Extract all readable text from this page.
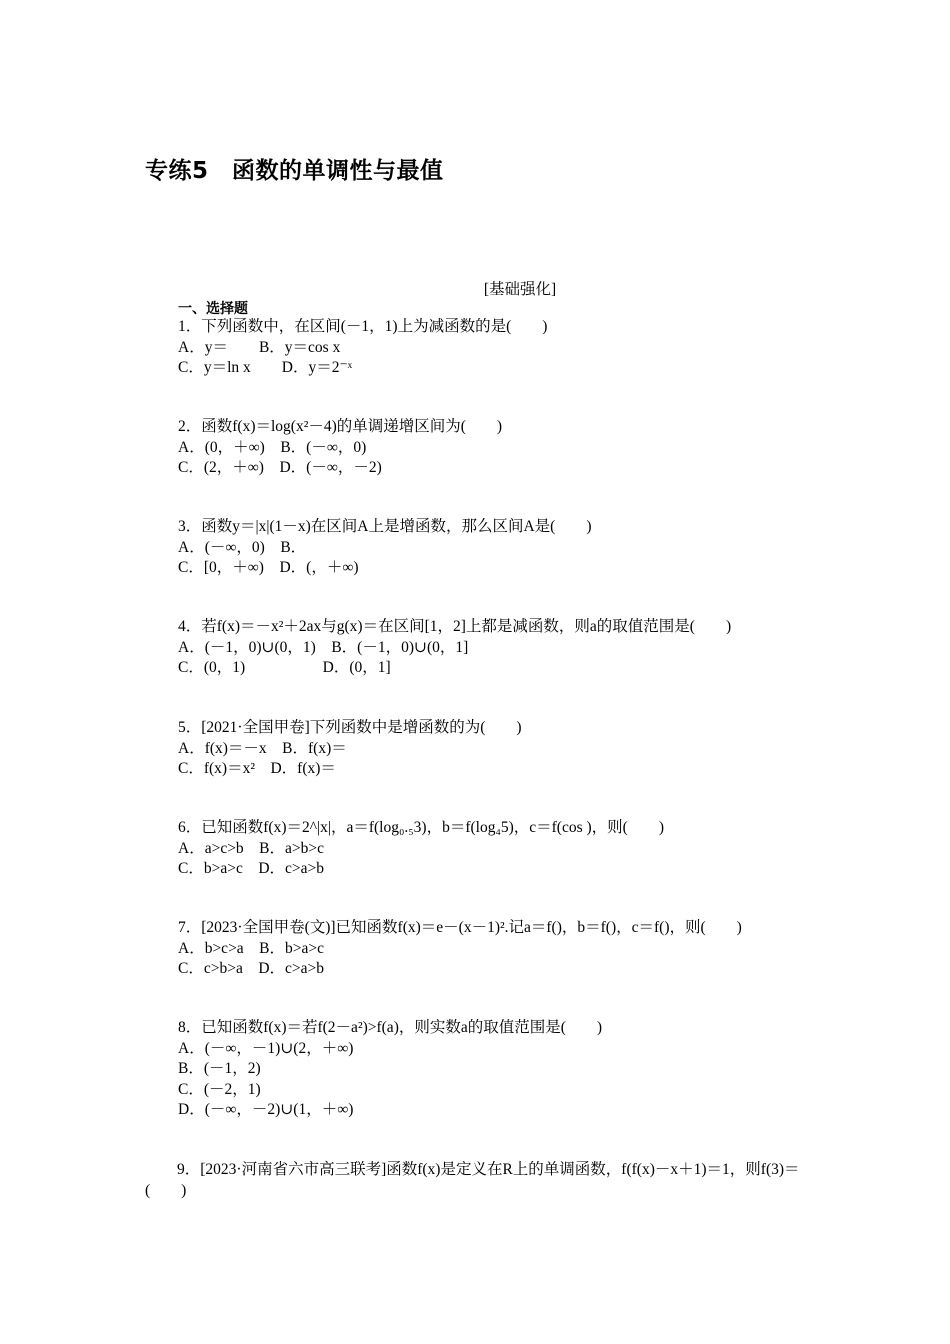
专练5　函数的单调性与最值
[基础强化]
一、选择题
1．下列函数中，在区间(－1，1)上为减函数的是(　　)
A．y＝　　B．y＝cos x
C．y＝ln x　　D．y＝2⁻ˣ
2．函数f(x)＝log(x²－4)的单调递增区间为(　　)
A．(0，＋∞)　B．(－∞，0)
C．(2，＋∞)　D．(－∞，－2)
3．函数y＝|x|(1－x)在区间A上是增函数，那么区间A是(　　)
A．(－∞，0)　B．
C．[0，＋∞)　D．(，＋∞)
4．若f(x)＝－x²＋2ax与g(x)＝在区间[1，2]上都是减函数，则a的取值范围是(　　)
A．(－1，0)∪(0，1)　B．(－1，0)∪(0，1]
C．(0，1)　　　　　D．(0，1]
5．[2021·全国甲卷]下列函数中是增函数的为(　　)
A．f(x)＝－x　B．f(x)＝
C．f(x)＝x²　D．f(x)＝
6．已知函数f(x)＝2^|x|，a＝f(log₀.₅3)，b＝f(log₄5)，c＝f(cos )，则(　　)
A．a>c>b　B．a>b>c
C．b>a>c　D．c>a>b
7．[2023·全国甲卷(文)]已知函数f(x)＝e－(x－1)².记a＝f()，b＝f()，c＝f()，则(　　)
A．b>c>a　B．b>a>c
C．c>b>a　D．c>a>b
8．已知函数f(x)＝若f(2－a²)>f(a)，则实数a的取值范围是(　　)
A．(－∞，－1)∪(2，＋∞)
B．(－1，2)
C．(－2，1)
D．(－∞，－2)∪(1，＋∞)
9．[2023·河南省六市高三联考]函数f(x)是定义在R上的单调函数，f(f(x)－x＋1)＝1，则f(3)＝(　　)
